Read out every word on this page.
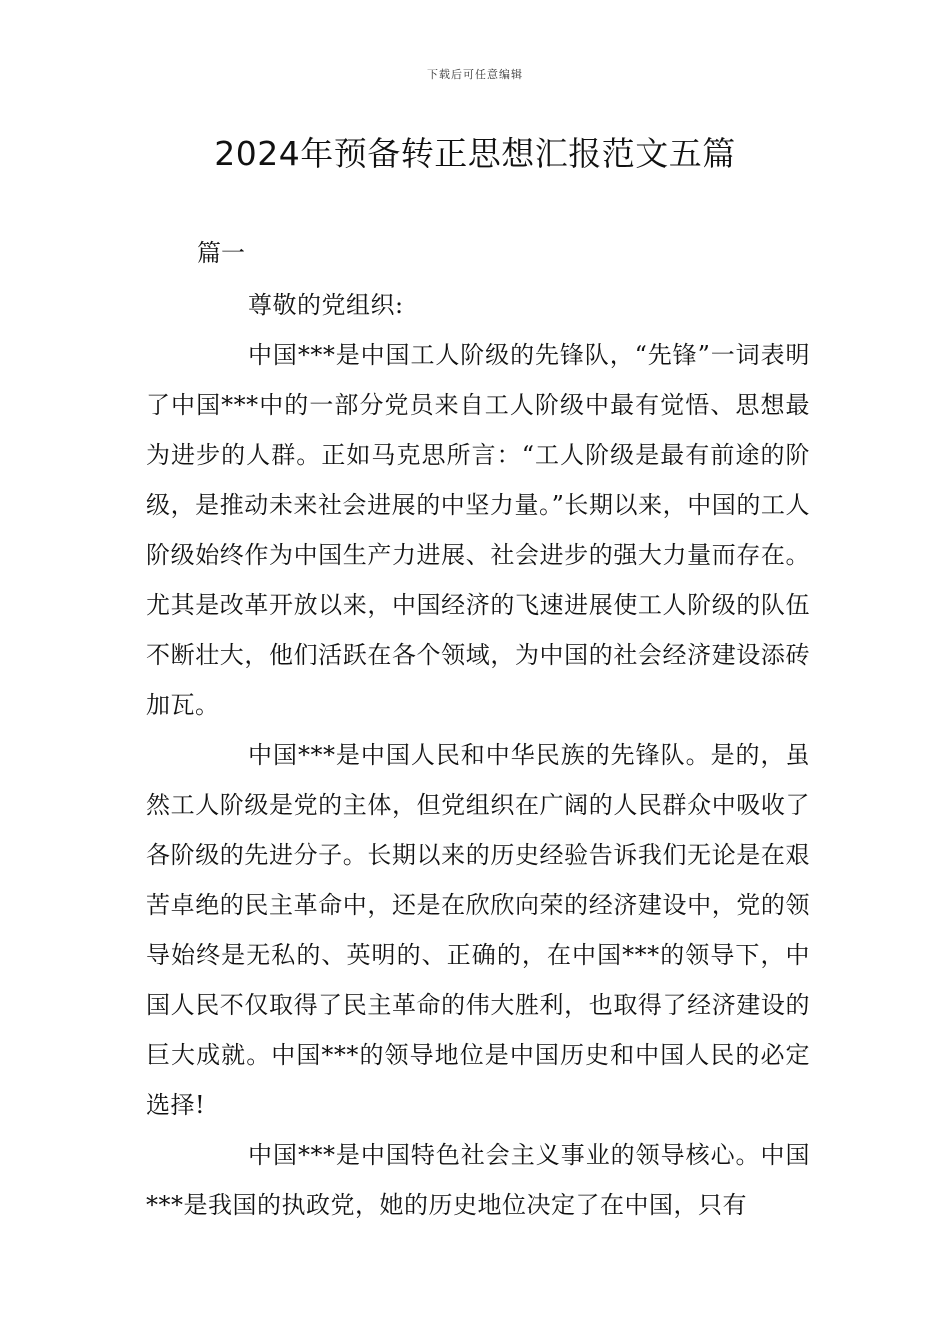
下载后可任意编辑
2024年预备转正思想汇报范文五篇
篇一

尊敬的党组织:

中国***是中国工人阶级的先锋队，“先锋”一词表明了中国***中的一部分党员来自工人阶级中最有觉悟、思想最为进步的人群。正如马克思所言：“工人阶级是最有前途的阶级，是推动未来社会进展的中坚力量。”长期以来，中国的工人阶级始终作为中国生产力进展、社会进步的强大力量而存在。尤其是改革开放以来，中国经济的飞速进展使工人阶级的队伍不断壮大，他们活跃在各个领域，为中国的社会经济建设添砖加瓦。

中国***是中国人民和中华民族的先锋队。是的，虽然工人阶级是党的主体，但党组织在广阔的人民群众中吸收了各阶级的先进分子。长期以来的历史经验告诉我们无论是在艰苦卓绝的民主革命中，还是在欣欣向荣的经济建设中，党的领导始终是无私的、英明的、正确的，在中国***的领导下，中国人民不仅取得了民主革命的伟大胜利，也取得了经济建设的巨大成就。中国***的领导地位是中国历史和中国人民的必定选择!

中国***是中国特色社会主义事业的领导核心。中国***是我国的执政党，她的历史地位决定了在中国，只有
